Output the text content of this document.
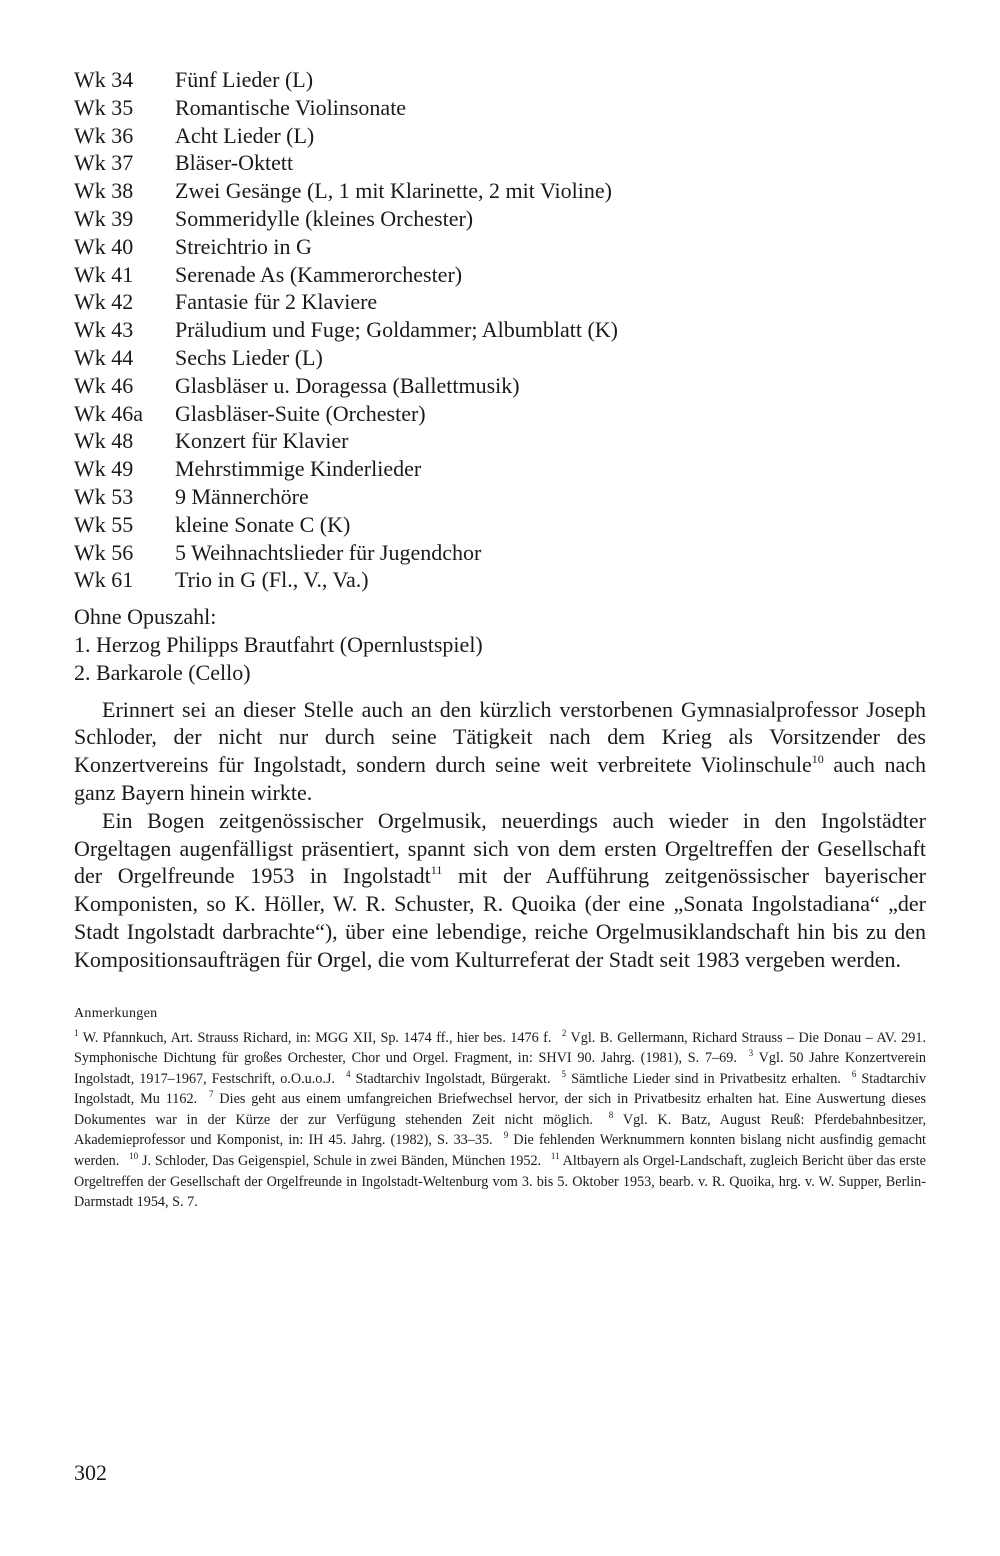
Wk 34	Fünf Lieder (L)
Wk 35	Romantische Violinsonate
Wk 36	Acht Lieder (L)
Wk 37	Bläser-Oktett
Wk 38	Zwei Gesänge (L, 1 mit Klarinette, 2 mit Violine)
Wk 39	Sommeridylle (kleines Orchester)
Wk 40	Streichtrio in G
Wk 41	Serenade As (Kammerorchester)
Wk 42	Fantasie für 2 Klaviere
Wk 43	Präludium und Fuge; Goldammer; Albumblatt (K)
Wk 44	Sechs Lieder (L)
Wk 46	Glasbläser u. Doragessa (Ballettmusik)
Wk 46a	Glasbläser-Suite (Orchester)
Wk 48	Konzert für Klavier
Wk 49	Mehrstimmige Kinderlieder
Wk 53	9 Männerchöre
Wk 55	kleine Sonate C (K)
Wk 56	5 Weihnachtslieder für Jugendchor
Wk 61	Trio in G (Fl., V., Va.)
Ohne Opuszahl:
1. Herzog Philipps Brautfahrt (Opernlustspiel)
2. Barkarole (Cello)

Erinnert sei an dieser Stelle auch an den kürzlich verstorbenen Gymnasialprofessor Joseph Schloder, der nicht nur durch seine Tätigkeit nach dem Krieg als Vorsitzender des Konzertvereins für Ingolstadt, sondern durch seine weit verbreitete Violinschule$^{10}$ auch nach ganz Bayern hinein wirkte.

Ein Bogen zeitgenössischer Orgelmusik, neuerdings auch wieder in den Ingolstädter Orgeltagen augenfälligst präsentiert, spannt sich von dem ersten Orgeltreffen der Gesellschaft der Orgelfreunde 1953 in Ingolstadt$^{11}$ mit der Aufführung zeitgenössischer bayerischer Komponisten, so K. Höller, W. R. Schuster, R. Quoika (der eine „Sonata Ingolstadiana“ „der Stadt Ingolstadt darbrachte“), über eine lebendige, reiche Orgelmusiklandschaft hin bis zu den Kompositionsaufträgen für Orgel, die vom Kulturreferat der Stadt seit 1983 vergeben werden.

Anmerkungen
$^1$ W. Pfannkuch, Art. Strauss Richard, in: MGG XII, Sp. 1474 ff., hier bes. 1476 f. $^2$ Vgl. B. Gellermann, Richard Strauss – Die Donau – AV. 291. Symphonische Dichtung für großes Orchester, Chor und Orgel. Fragment, in: SHVI 90. Jahrg. (1981), S. 7–69. $^3$ Vgl. 50 Jahre Konzertverein Ingolstadt, 1917–1967, Festschrift, o.O.u.o.J. $^4$ Stadtarchiv Ingolstadt, Bürgerakt. $^5$ Sämtliche Lieder sind in Privatbesitz erhalten. $^6$ Stadtarchiv Ingolstadt, Mu 1162. $^7$ Dies geht aus einem umfangreichen Briefwechsel hervor, der sich in Privatbesitz erhalten hat. Eine Auswertung dieses Dokumentes war in der Kürze der zur Verfügung stehenden Zeit nicht möglich. $^8$ Vgl. K. Batz, August Reuß: Pferdebahnbesitzer, Akademieprofessor und Komponist, in: IH 45. Jahrg. (1982), S. 33–35. $^9$ Die fehlenden Werknummern konnten bislang nicht ausfindig gemacht werden. $^{10}$ J. Schloder, Das Geigenspiel, Schule in zwei Bänden, München 1952. $^{11}$ Altbayern als Orgel-Landschaft, zugleich Bericht über das erste Orgeltreffen der Gesellschaft der Orgelfreunde in Ingolstadt-Weltenburg vom 3. bis 5. Oktober 1953, bearb. v. R. Quoika, hrg. v. W. Supper, Berlin-Darmstadt 1954, S. 7.
302
